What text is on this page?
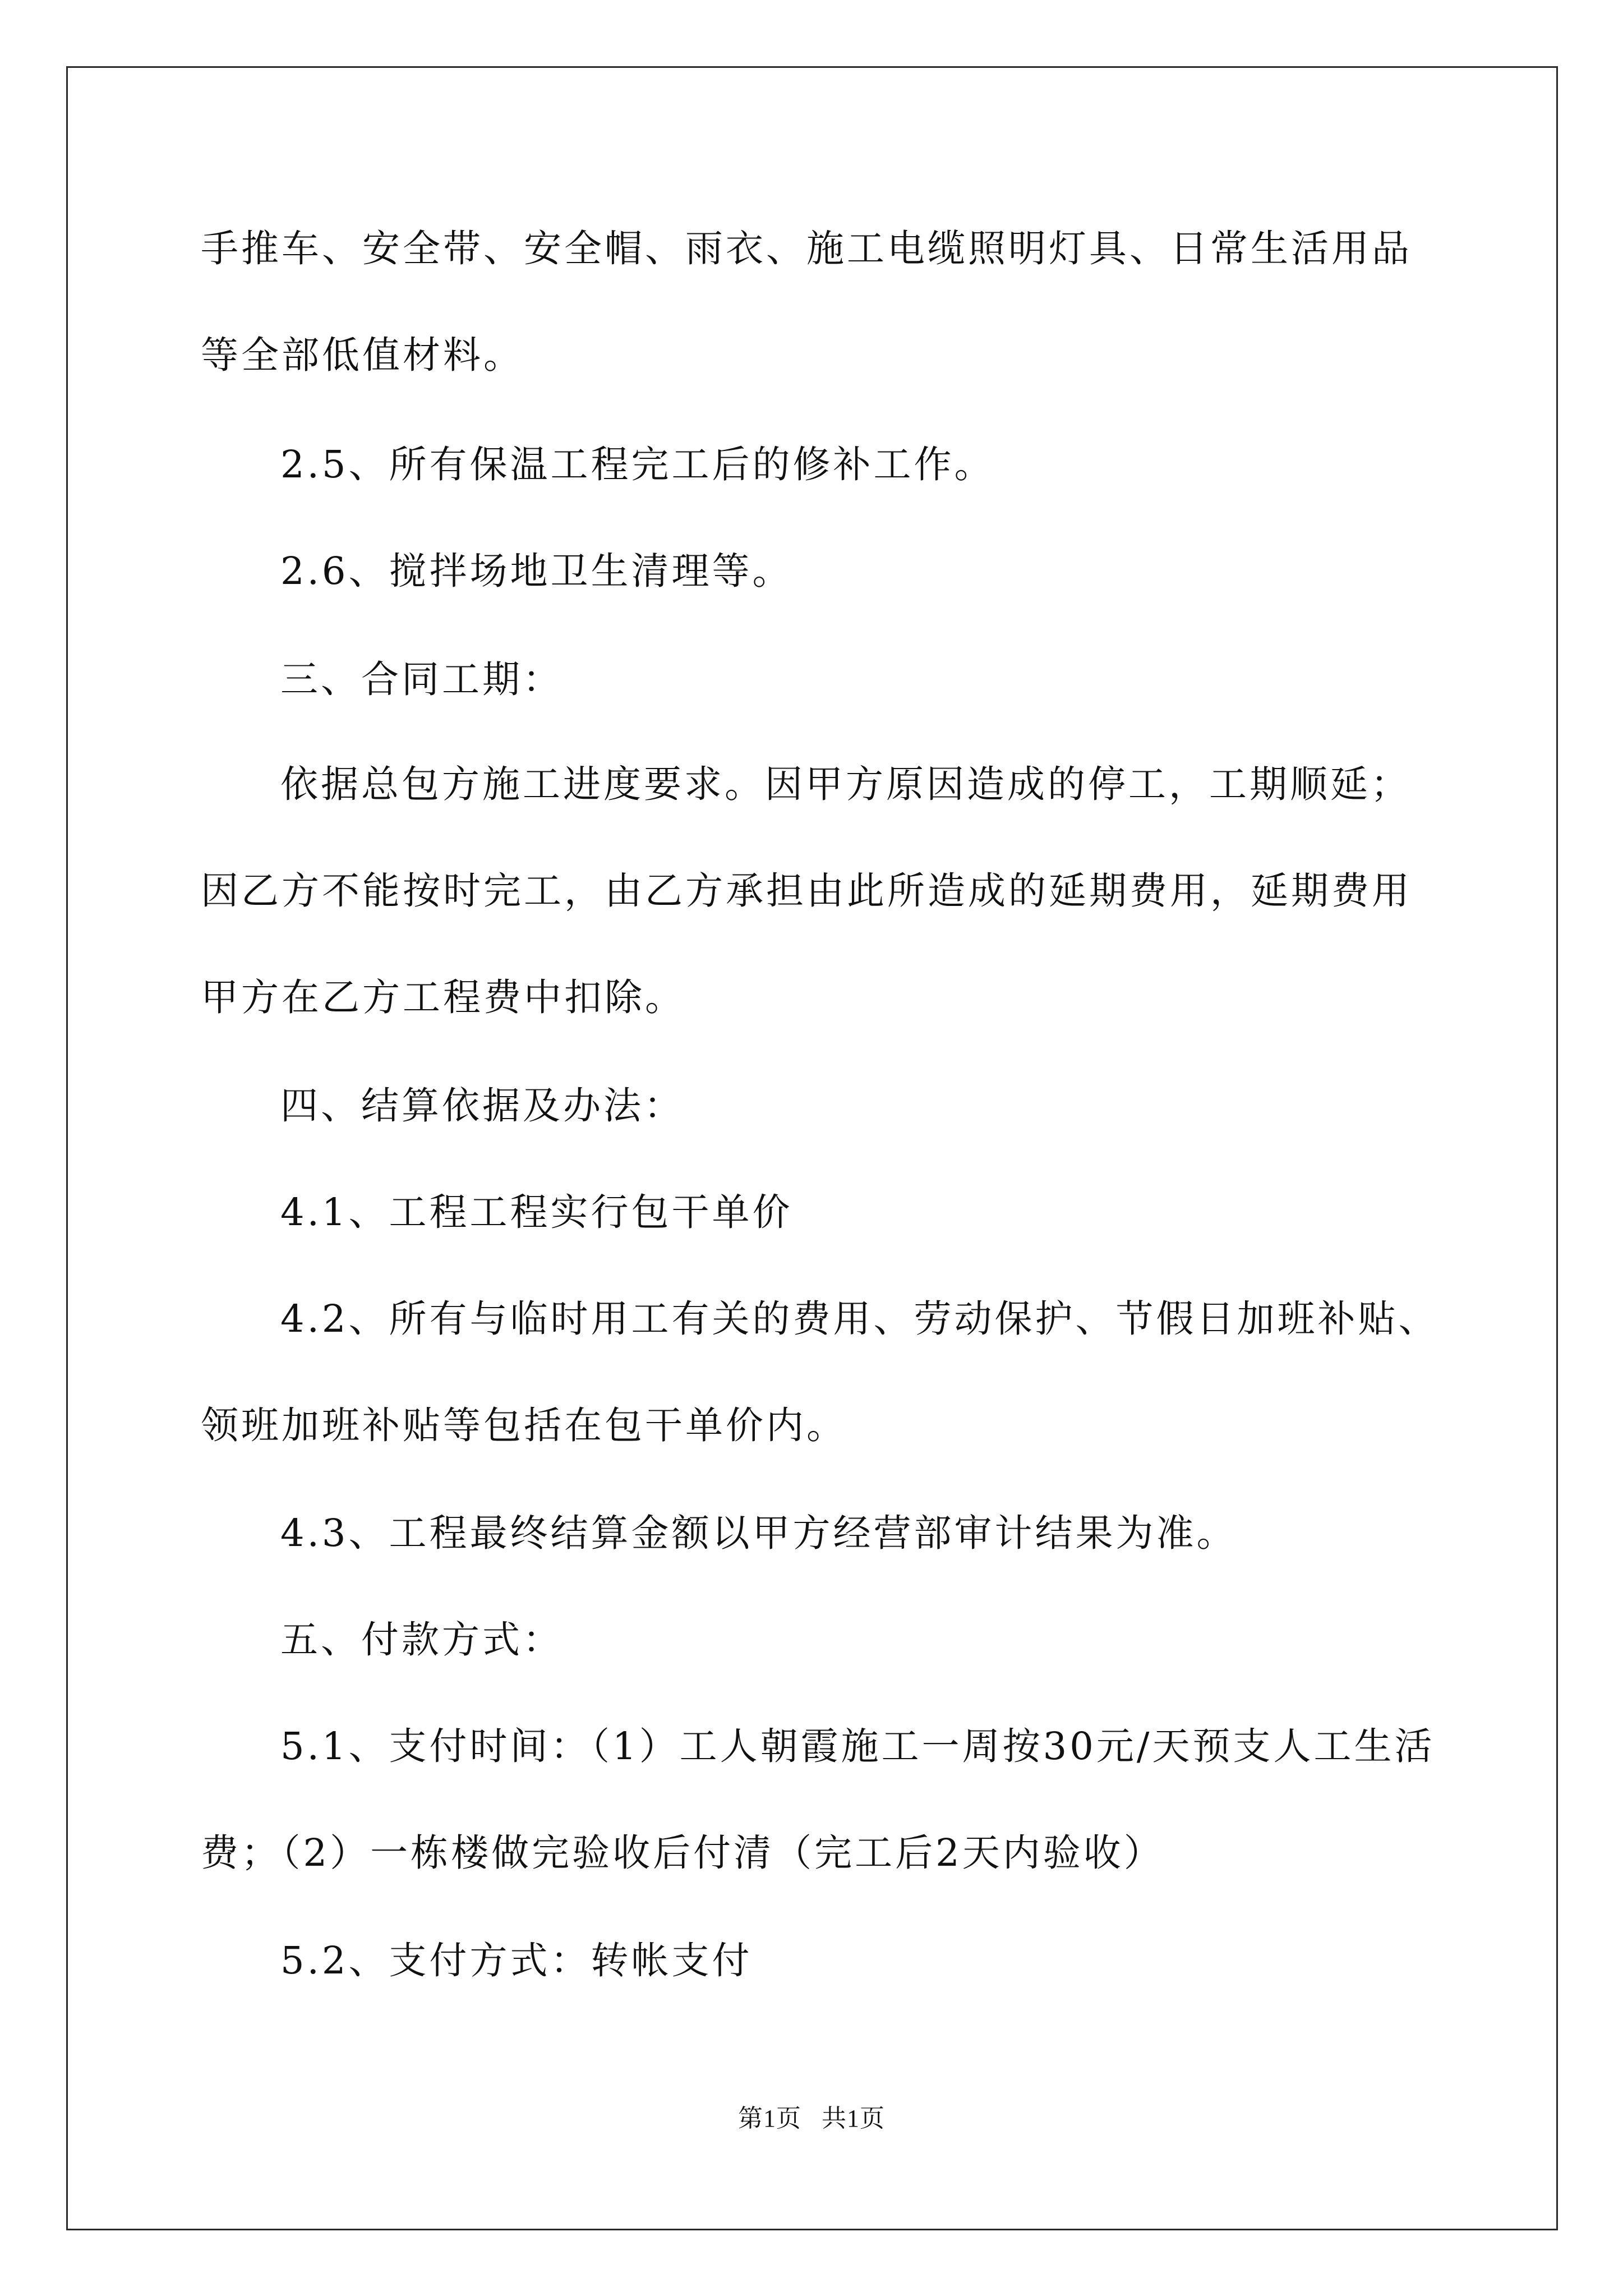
手推车、安全带、安全帽、雨衣、施工电缆照明灯具、日常生活用品
等全部低值材料。
2.5、所有保温工程完工后的修补工作。
2.6、搅拌场地卫生清理等。
三、合同工期：
依据总包方施工进度要求。因甲方原因造成的停工，工期顺延；
因乙方不能按时完工，由乙方承担由此所造成的延期费用，延期费用
甲方在乙方工程费中扣除。
四、结算依据及办法：
4.1、工程工程实行包干单价
4.2、所有与临时用工有关的费用、劳动保护、节假日加班补贴、
领班加班补贴等包括在包干单价内。
4.3、工程最终结算金额以甲方经营部审计结果为准。
五、付款方式：
5.1、支付时间：（1）工人朝霞施工一周按30元/天预支人工生活
费；（2）一栋楼做完验收后付清（完工后2天内验收）
5.2、支付方式：转帐支付
第1页   共1页
